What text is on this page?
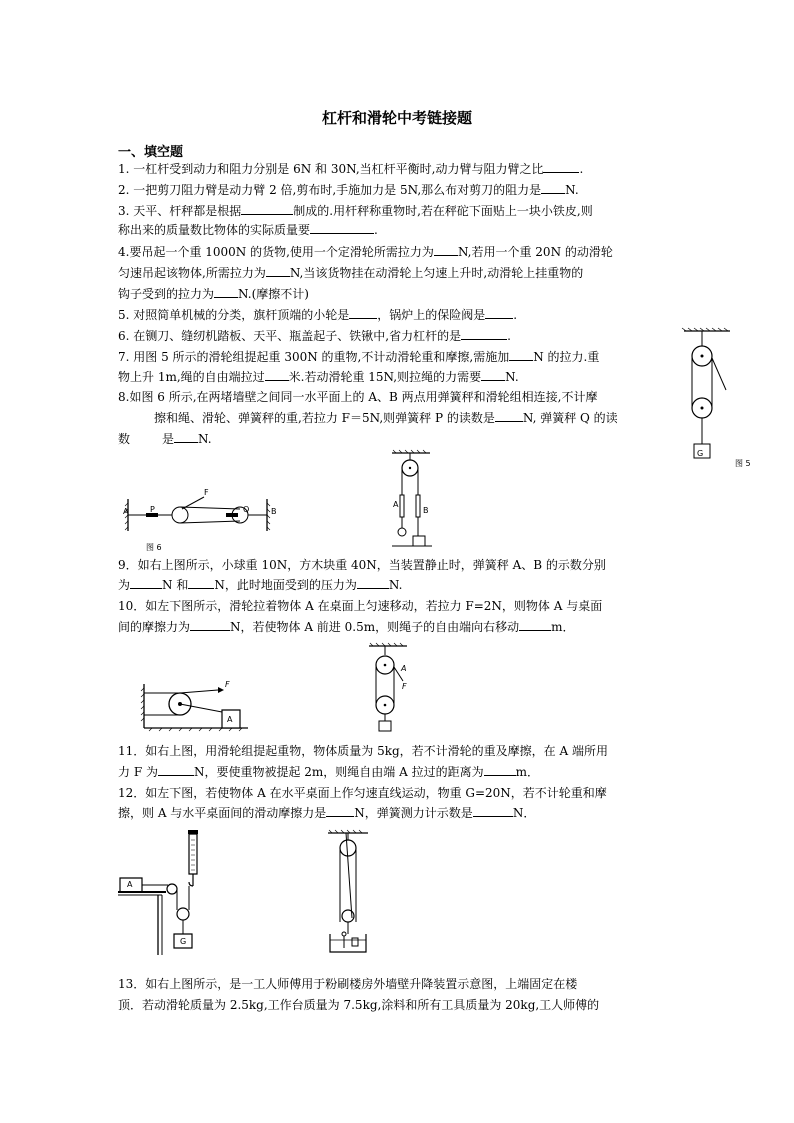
杠杆和滑轮中考链接题
一、填空题
1. 一杠杆受到动力和阻力分别是 6N 和 30N,当杠杆平衡时,动力臂与阻力臂之比	.
2. 一把剪刀阻力臂是动力臂 2 倍,剪布时,手施加力是 5N,那么布对剪刀的阻力是 N.
3. 天平、杆秤都是根据	制成的.用杆秤称重物时,若在秤砣下面贴上一块小铁皮,则
称出来的质量数比物体的实际质量要	.
4.要吊起一个重 1000N 的货物,使用一个定滑轮所需拉力为 N,若用一个重 20N 的动滑轮
匀速吊起该物体,所需拉力为 N,当该货物挂在动滑轮上匀速上升时,动滑轮上挂重物的
钩子受到的拉力为 N.(摩擦不计)
5. 对照简单机械的分类，旗杆顶端的小轮是 ，锅炉上的保险阀是 .
6. 在铡刀、缝纫机踏板、天平、瓶盖起子、铁锹中,省力杠杆的是	.
7. 用图 5 所示的滑轮组提起重 300N 的重物,不计动滑轮重和摩擦,需施加 N 的拉力.重
物上升 1m,绳的自由端拉过 米.若动滑轮重 15N,则拉绳的力需要 N.
8.如图 6 所示,在两堵墙壁之间同一水平面上的 A、B 两点用弹簧秤和滑轮组相连接,不计摩
擦和绳、滑轮、弹簧秤的重,若拉力 F＝5N,则弹簧秤 P 的读数是 N, 弹簧秤 Q 的读
数	是 N.
G
图 5
A	B
P	Q
F
图 6
A
B
9．如右上图所示，小球重 10N，方木块重 40N，当装置静止时，弹簧秤 A、B 的示数分别
为	N 和 N，此时地面受到的压力为	N.
10．如左下图所示，滑轮拉着物体 A 在桌面上匀速移动，若拉力 F=2N，则物体 A 与桌面
间的摩擦力为	N，若使物体 A 前进 0.5m，则绳子的自由端向右移动	m．
F
A
A
F
11．如右上图，用滑轮组提起重物，物体质量为 5kg，若不计滑轮的重及摩擦，在 A 端所用
力 F 为	N，要使重物被提起 2m，则绳自由端 A 拉过的距离为	m．
12．如左下图，若使物体 A 在水平桌面上作匀速直线运动，物重 G=20N，若不计轮重和摩
擦，则 A 与水平桌面间的滑动摩擦力是 N，弹簧测力计示数是	N．
A
G
13．如右上图所示，是一工人师傅用于粉刷楼房外墙壁升降装置示意图，上端固定在楼
顶．若动滑轮质量为 2.5kg,工作台质量为 7.5kg,涂料和所有工具质量为 20kg,工人师傅的
